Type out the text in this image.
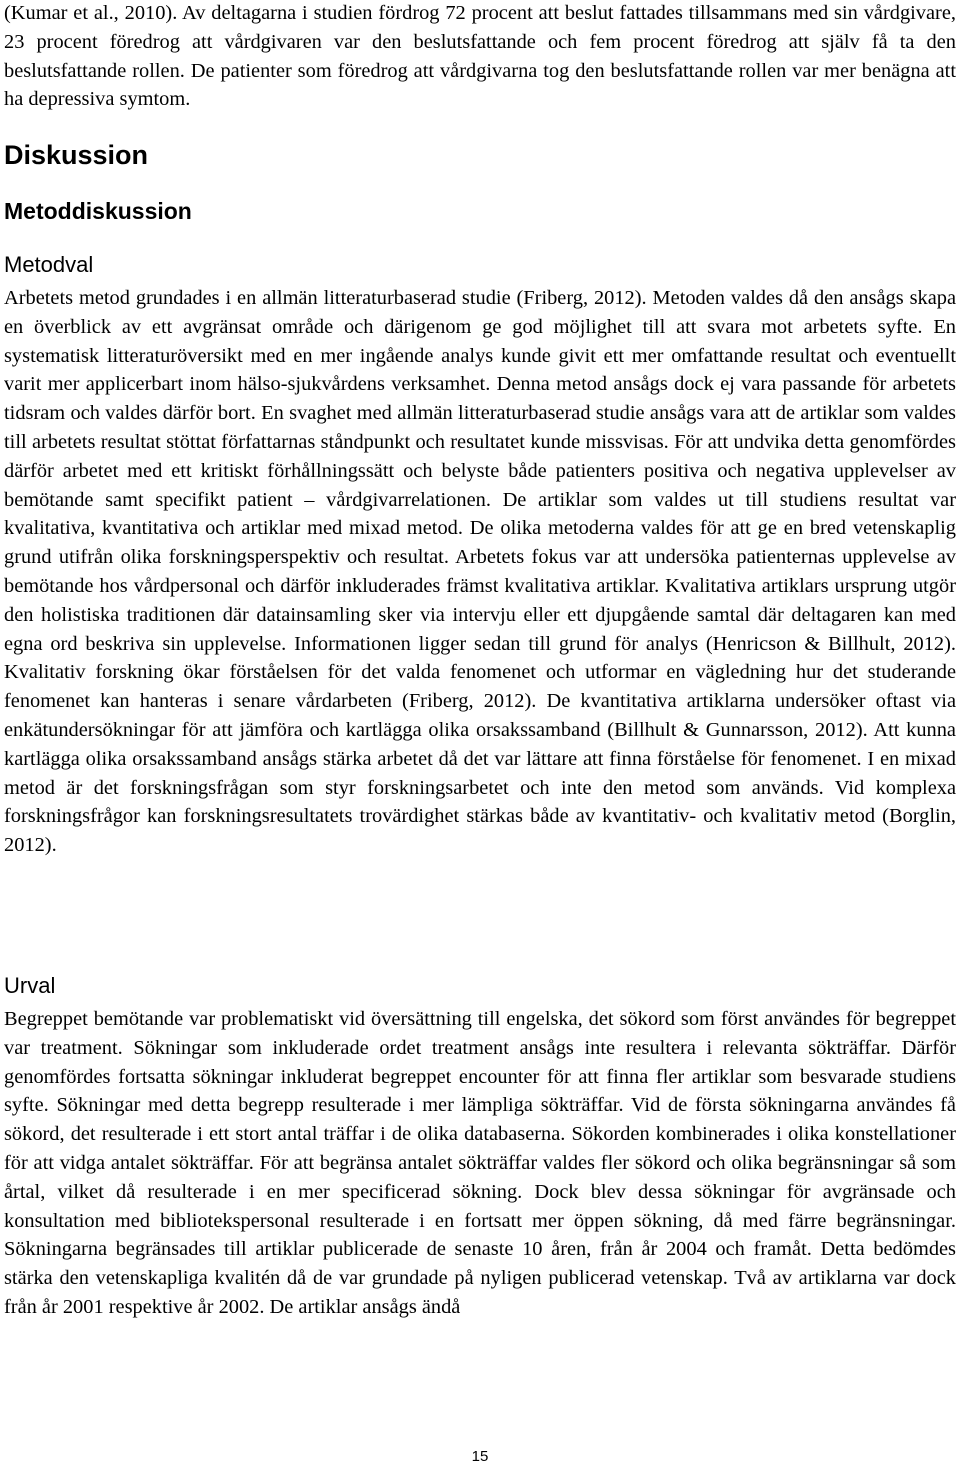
(Kumar et al., 2010). Av deltagarna i studien fördrog 72 procent att beslut fattades tillsammans med sin vårdgivare, 23 procent föredrog att vårdgivaren var den beslutsfattande och fem procent föredrog att själv få ta den beslutsfattande rollen. De patienter som föredrog att vårdgivarna tog den beslutsfattande rollen var mer benägna att ha depressiva symtom.

Diskussion
Metoddiskussion
Metodval

Arbetets metod grundades i en allmän litteraturbaserad studie (Friberg, 2012). Metoden valdes då den ansågs skapa en överblick av ett avgränsat område och därigenom ge god möjlighet till att svara mot arbetets syfte. En systematisk litteraturöversikt med en mer ingående analys kunde givit ett mer omfattande resultat och eventuellt varit mer applicerbart inom hälso-sjukvårdens verksamhet. Denna metod ansågs dock ej vara passande för arbetets tidsram och valdes därför bort. En svaghet med allmän litteraturbaserad studie ansågs vara att de artiklar som valdes till arbetets resultat stöttat författarnas ståndpunkt och resultatet kunde missvisas. För att undvika detta genomfördes därför arbetet med ett kritiskt förhållningssätt och belyste både patienters positiva och negativa upplevelser av bemötande samt specifikt patient – vårdgivarrelationen. De artiklar som valdes ut till studiens resultat var kvalitativa, kvantitativa och artiklar med mixad metod. De olika metoderna valdes för att ge en bred vetenskaplig grund utifrån olika forskningsperspektiv och resultat. Arbetets fokus var att undersöka patienternas upplevelse av bemötande hos vårdpersonal och därför inkluderades främst kvalitativa artiklar. Kvalitativa artiklars ursprung utgör den holistiska traditionen där datainsamling sker via intervju eller ett djupgående samtal där deltagaren kan med egna ord beskriva sin upplevelse. Informationen ligger sedan till grund för analys (Henricson & Billhult, 2012). Kvalitativ forskning ökar förståelsen för det valda fenomenet och utformar en vägledning hur det studerande fenomenet kan hanteras i senare vårdarbeten (Friberg, 2012). De kvantitativa artiklarna undersöker oftast via enkätundersökningar för att jämföra och kartlägga olika orsakssamband (Billhult & Gunnarsson, 2012). Att kunna kartlägga olika orsakssamband ansågs stärka arbetet då det var lättare att finna förståelse för fenomenet. I en mixad metod är det forskningsfrågan som styr forskningsarbetet och inte den metod som används. Vid komplexa forskningsfrågor kan forskningsresultatets trovärdighet stärkas både av kvantitativ- och kvalitativ metod (Borglin, 2012).

Urval

Begreppet bemötande var problematiskt vid översättning till engelska, det sökord som först användes för begreppet var treatment. Sökningar som inkluderade ordet treatment ansågs inte resultera i relevanta sökträffar. Därför genomfördes fortsatta sökningar inkluderat begreppet encounter för att finna fler artiklar som besvarade studiens syfte. Sökningar med detta begrepp resulterade i mer lämpliga sökträffar. Vid de första sökningarna användes få sökord, det resulterade i ett stort antal träffar i de olika databaserna. Sökorden kombinerades i olika konstellationer för att vidga antalet sökträffar. För att begränsa antalet sökträffar valdes fler sökord och olika begränsningar så som årtal, vilket då resulterade i en mer specificerad sökning. Dock blev dessa sökningar för avgränsade och konsultation med bibliotekspersonal resulterade i en fortsatt mer öppen sökning, då med färre begränsningar. Sökningarna begränsades till artiklar publicerade de senaste 10 åren, från år 2004 och framåt. Detta bedömdes stärka den vetenskapliga kvalitén då de var grundade på nyligen publicerad vetenskap. Två av artiklarna var dock från år 2001 respektive år 2002. De artiklar ansågs ändå

15
